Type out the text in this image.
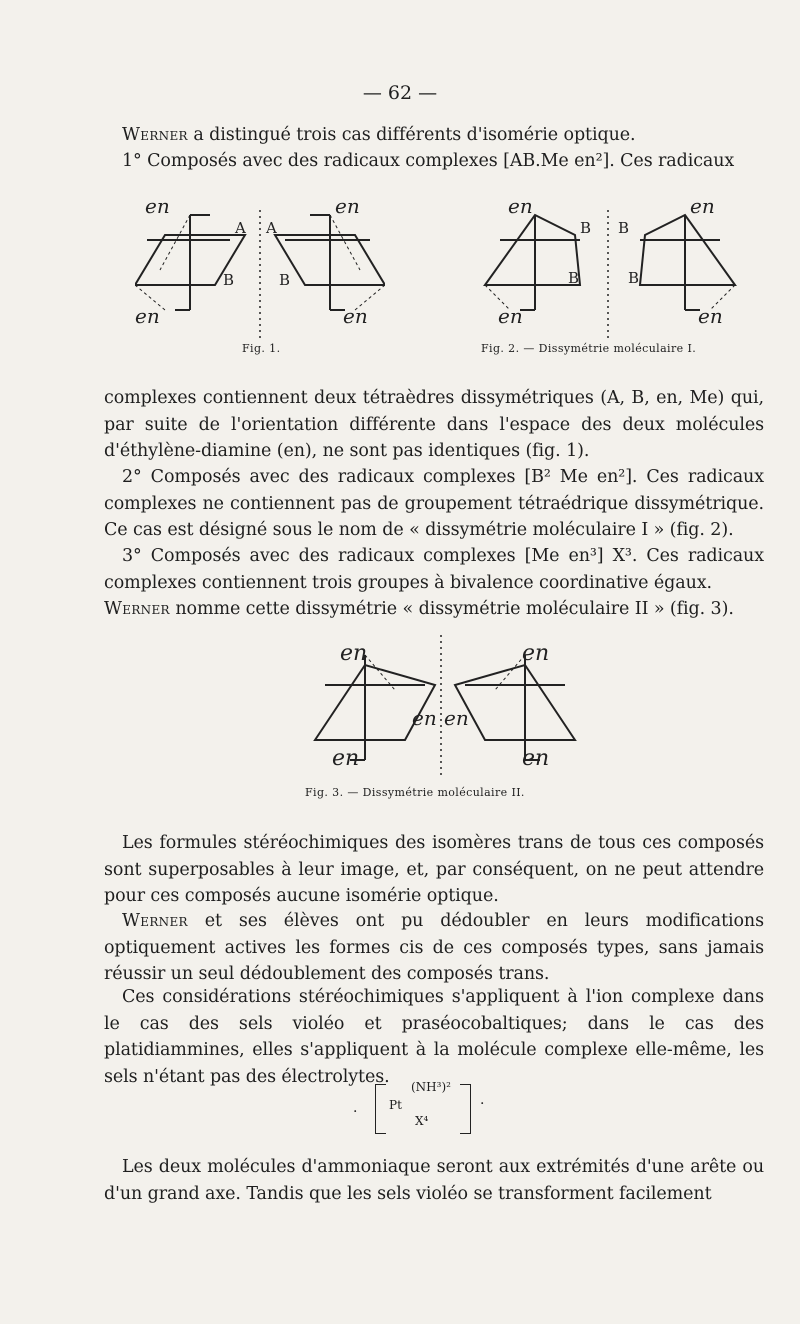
— 62 —

Werner a distingué trois cas différents d'isomérie optique.

1° Composés avec des radicaux complexes [AB.Me en²]. Ces radicaux

en
en
A
B
en
en
A
B
Fig. 1.
en
en
B
B
en
en
B
B
Fig. 2. — Dissymétrie moléculaire I.

complexes contiennent deux tétraèdres dissymétriques (A, B, en, Me) qui, par suite de l'orientation différente dans l'espace des deux molécules d'éthylène-diamine (en), ne sont pas identiques (fig. 1).

2° Composés avec des radicaux complexes [B² Me en²]. Ces radicaux complexes ne contiennent pas de groupement tétraédrique dissymétrique. Ce cas est désigné sous le nom de « dissymétrie moléculaire I » (fig. 2).

3° Composés avec des radicaux complexes [Me en³] X³. Ces radicaux complexes contiennent trois groupes à bivalence coordinative égaux.

Werner nomme cette dissymétrie « dissymétrie moléculaire II » (fig. 3).

en
en
en
en
en
en
Fig. 3. — Dissymétrie moléculaire II.

Les formules stéréochimiques des isomères trans de tous ces composés sont superposables à leur image, et, par conséquent, on ne peut attendre pour ces composés aucune isomérie optique.

Werner et ses élèves ont pu dédoubler en leurs modifications optiquement actives les formes cis de ces composés types, sans jamais réussir un seul dédoublement des composés trans.

Ces considérations stéréochimiques s'appliquent à l'ion complexe dans le cas des sels violéo et praséocobaltiques; dans le cas des platidiammines, elles s'appliquent à la molécule complexe elle-même, les sels n'étant pas des électrolytes.

(NH³)²
Pt
X⁴
·	·

Les deux molécules d'ammoniaque seront aux extrémités d'une arête ou d'un grand axe. Tandis que les sels violéo se transforment facilement
